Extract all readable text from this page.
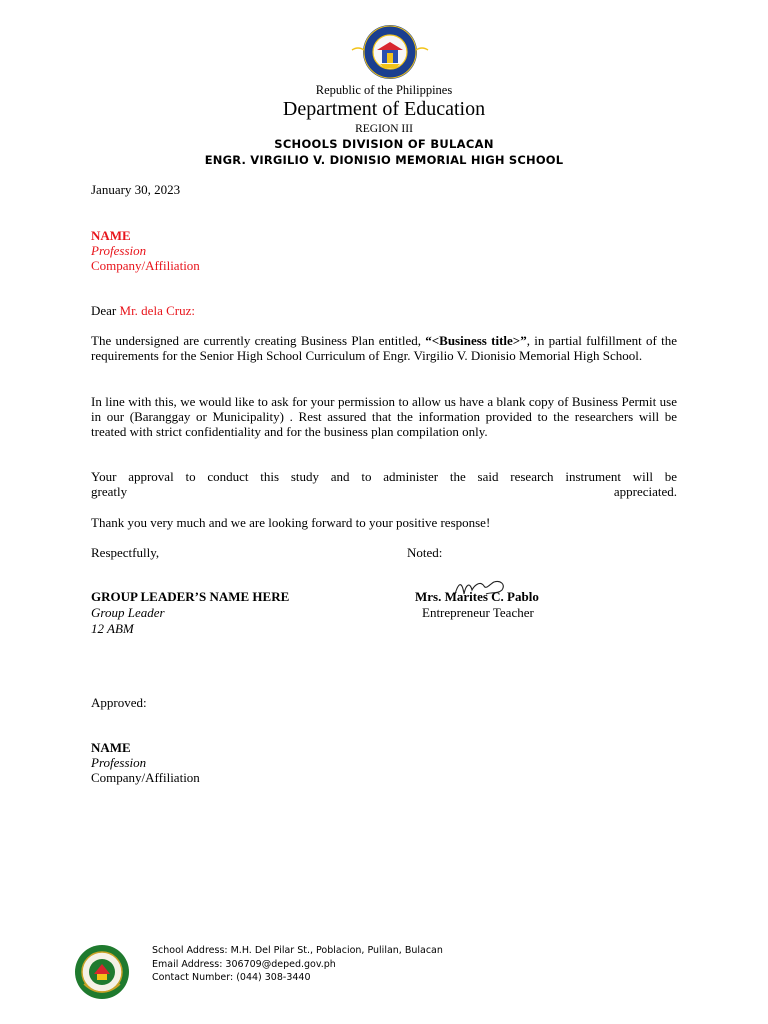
Republic of the Philippines
Department of Education
REGION III
SCHOOLS DIVISION OF BULACAN
ENGR. VIRGILIO V. DIONISIO MEMORIAL HIGH SCHOOL
January 30, 2023
NAME
Profession
Company/Affiliation
Dear Mr. dela Cruz:
The undersigned are currently creating Business Plan entitled, “<Business title>”, in partial fulfillment of the requirements for the Senior High School Curriculum of Engr. Virgilio V. Dionisio Memorial High School.
In line with this, we would like to ask for your permission to allow us have a blank copy of Business Permit use in our (Baranggay or Municipality) . Rest assured that the information provided to the researchers will be treated with strict confidentiality and for the business plan compilation only.
Your approval to conduct this study and to administer the said research instrument will be
greatly	appreciated.
Thank you very much and we are looking forward to your positive response!
Respectfully,	Noted:
GROUP LEADER’S NAME HERE
Group Leader
12 ABM
Mrs. Marites C. Pablo
Entrepreneur Teacher
Approved:
NAME
Profession
Company/Affiliation
School Address: M.H. Del Pilar St., Poblacion, Pulilan, Bulacan
Email Address: 306709@deped.gov.ph
Contact Number: (044) 308-3440
